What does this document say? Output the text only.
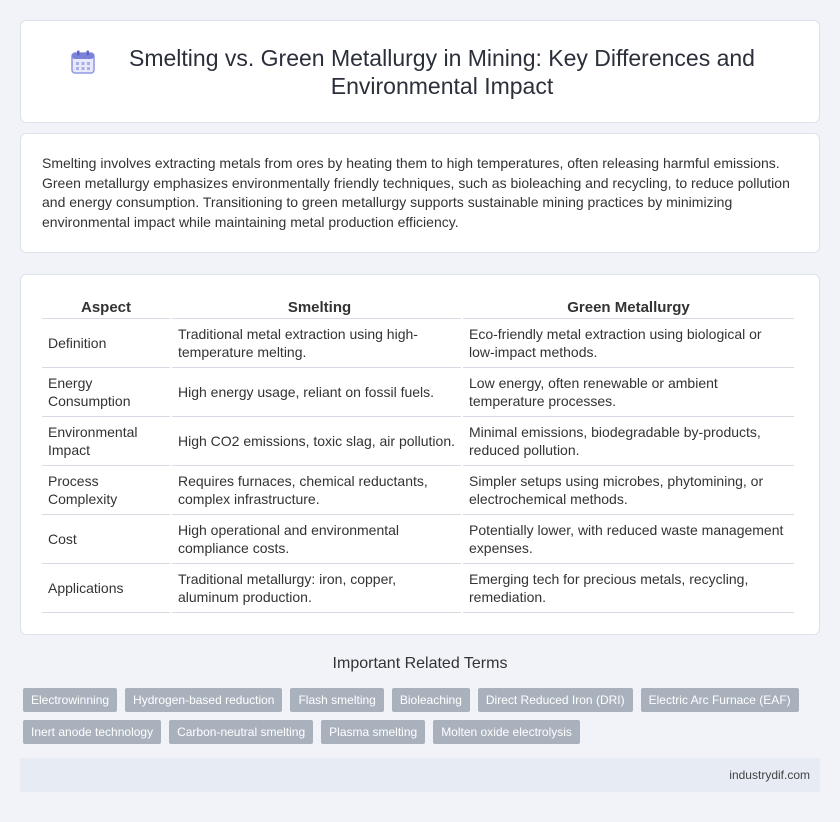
Smelting vs. Green Metallurgy in Mining: Key Differences and Environmental Impact

Smelting involves extracting metals from ores by heating them to high temperatures, often releasing harmful emissions. Green metallurgy emphasizes environmentally friendly techniques, such as bioleaching and recycling, to reduce pollution and energy consumption. Transitioning to green metallurgy supports sustainable mining practices by minimizing environmental impact while maintaining metal production efficiency.

Aspect	Smelting	Green Metallurgy
Definition	Traditional metal extraction using high-temperature melting.	Eco-friendly metal extraction using biological or low-impact methods.
Energy Consumption	High energy usage, reliant on fossil fuels.	Low energy, often renewable or ambient temperature processes.
Environmental Impact	High CO2 emissions, toxic slag, air pollution.	Minimal emissions, biodegradable by-products, reduced pollution.
Process Complexity	Requires furnaces, chemical reductants, complex infrastructure.	Simpler setups using microbes, phytomining, or electrochemical methods.
Cost	High operational and environmental compliance costs.	Potentially lower, with reduced waste management expenses.
Applications	Traditional metallurgy: iron, copper, aluminum production.	Emerging tech for precious metals, recycling, remediation.
Important Related Terms
Electrowinning	Hydrogen-based reduction	Flash smelting	Bioleaching	Direct Reduced Iron (DRI)	Electric Arc Furnace (EAF)
Inert anode technology	Carbon-neutral smelting	Plasma smelting	Molten oxide electrolysis
industrydif.com
